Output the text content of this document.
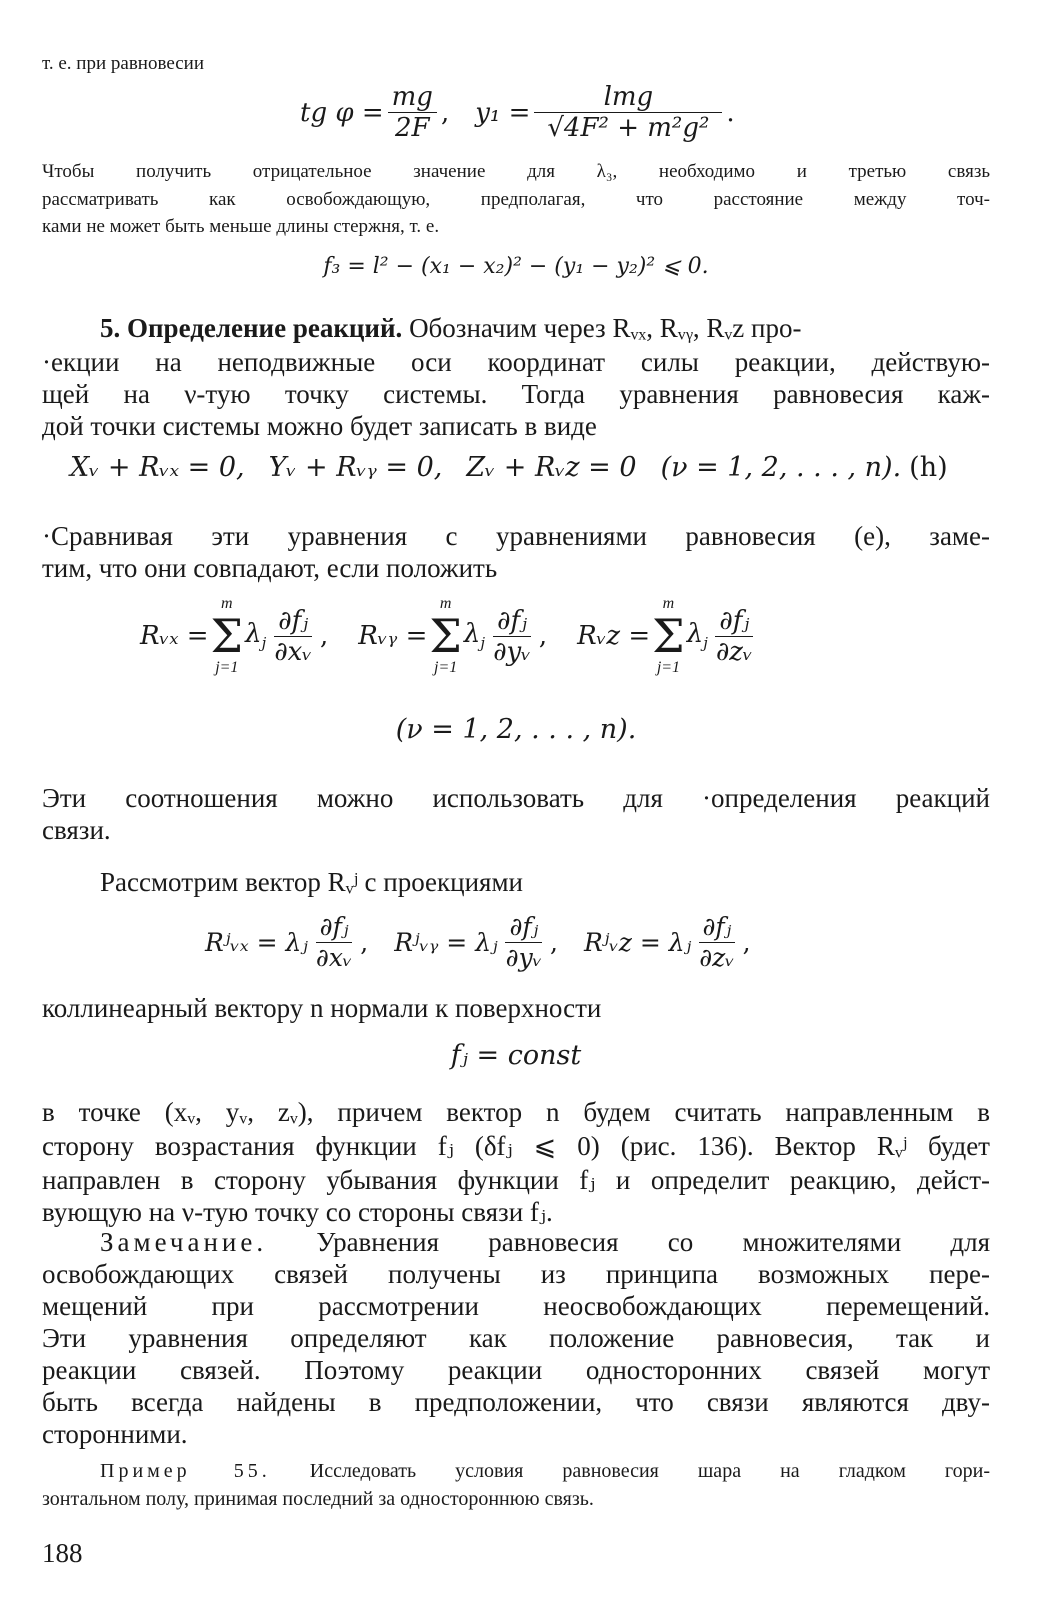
т. е. при равновесии
tg $\varphi = \frac{mg}{2F}$ , $y_1 = \frac{\text{lmg}}{\text{√4F² + m²g²}}$ .
Чтобы получить отрицательное значение для λ₃, необходимо и третью связь
рассматривать как освобождающую, предполагая, что расстояние между точ-
ками не может быть меньше длины стержня, т. е.
f₃ = l² − (x₁ − x₂)² − (y₁ − y₂)² ⩽ 0.
5. Определение реакций. Обозначим через Rᵥₓ, Rᵥᵧ, Rᵥz про-
·екции на неподвижные оси координат силы реакции, действую-
щей на ν-тую точку системы. Тогда уравнения равновесия каж-
дой точки системы можно будет записать в виде
Xᵥ + Rᵥₓ = 0, Yᵥ + Rᵥᵧ = 0, Zᵥ + Rᵥz = 0 (ν = 1, 2, . . . , n). (h)
·Сравнивая эти уравнения с уравнениями равновесия (e), заме-
тим, что они совпадают, если положить
Rᵥₓ =
m
Σ
j=1
$\lambda_j \frac{\text{∂fⱼ}}{\text{∂xᵥ}}$ , Rᵥᵧ =
m
Σ
j=1
$\lambda_j \frac{\text{∂fⱼ}}{\text{∂yᵥ}}$ , Rᵥz =
m
Σ
j=1
$\lambda_j \frac{\text{∂fⱼ}}{\text{∂zᵥ}}$
(ν = 1, 2, . . . , n).
Эти соотношения можно использовать для ·определения реакций
связи.
Рассмотрим вектор Rᵥʲ с проекциями
Rʲᵥₓ = λⱼ $\frac{\text{∂fⱼ}}{\text{∂xᵥ}}$ , Rʲᵥᵧ = λⱼ $\frac{\text{∂fⱼ}}{\text{∂yᵥ}}$ , Rʲᵥz = λⱼ $\frac{\text{∂fⱼ}}{\text{∂zᵥ}}$ ,
коллинеарный вектору n нормали к поверхности
fⱼ = const
в точке (xᵥ, yᵥ, zᵥ), причем вектор n будем считать направленным в
сторону возрастания функции fⱼ (δfⱼ ⩽ 0) (рис. 136). Вектор Rᵥʲ будет
направлен в сторону убывания функции fⱼ и определит реакцию, дейст-
вующую на ν-тую точку со стороны связи fⱼ.
Замечание. Уравнения равновесия со множителями для
освобождающих связей получены из принципа возможных пере-
мещений при рассмотрении неосвобождающих перемещений.
Эти уравнения определяют как положение равновесия, так и
реакции связей. Поэтому реакции односторонних связей могут
быть всегда найдены в предположении, что связи являются дву-
сторонними.
Пример 55. Исследовать условия равновесия шара на гладком гори-
зонтальном полу, принимая последний за одностороннюю связь.
188
